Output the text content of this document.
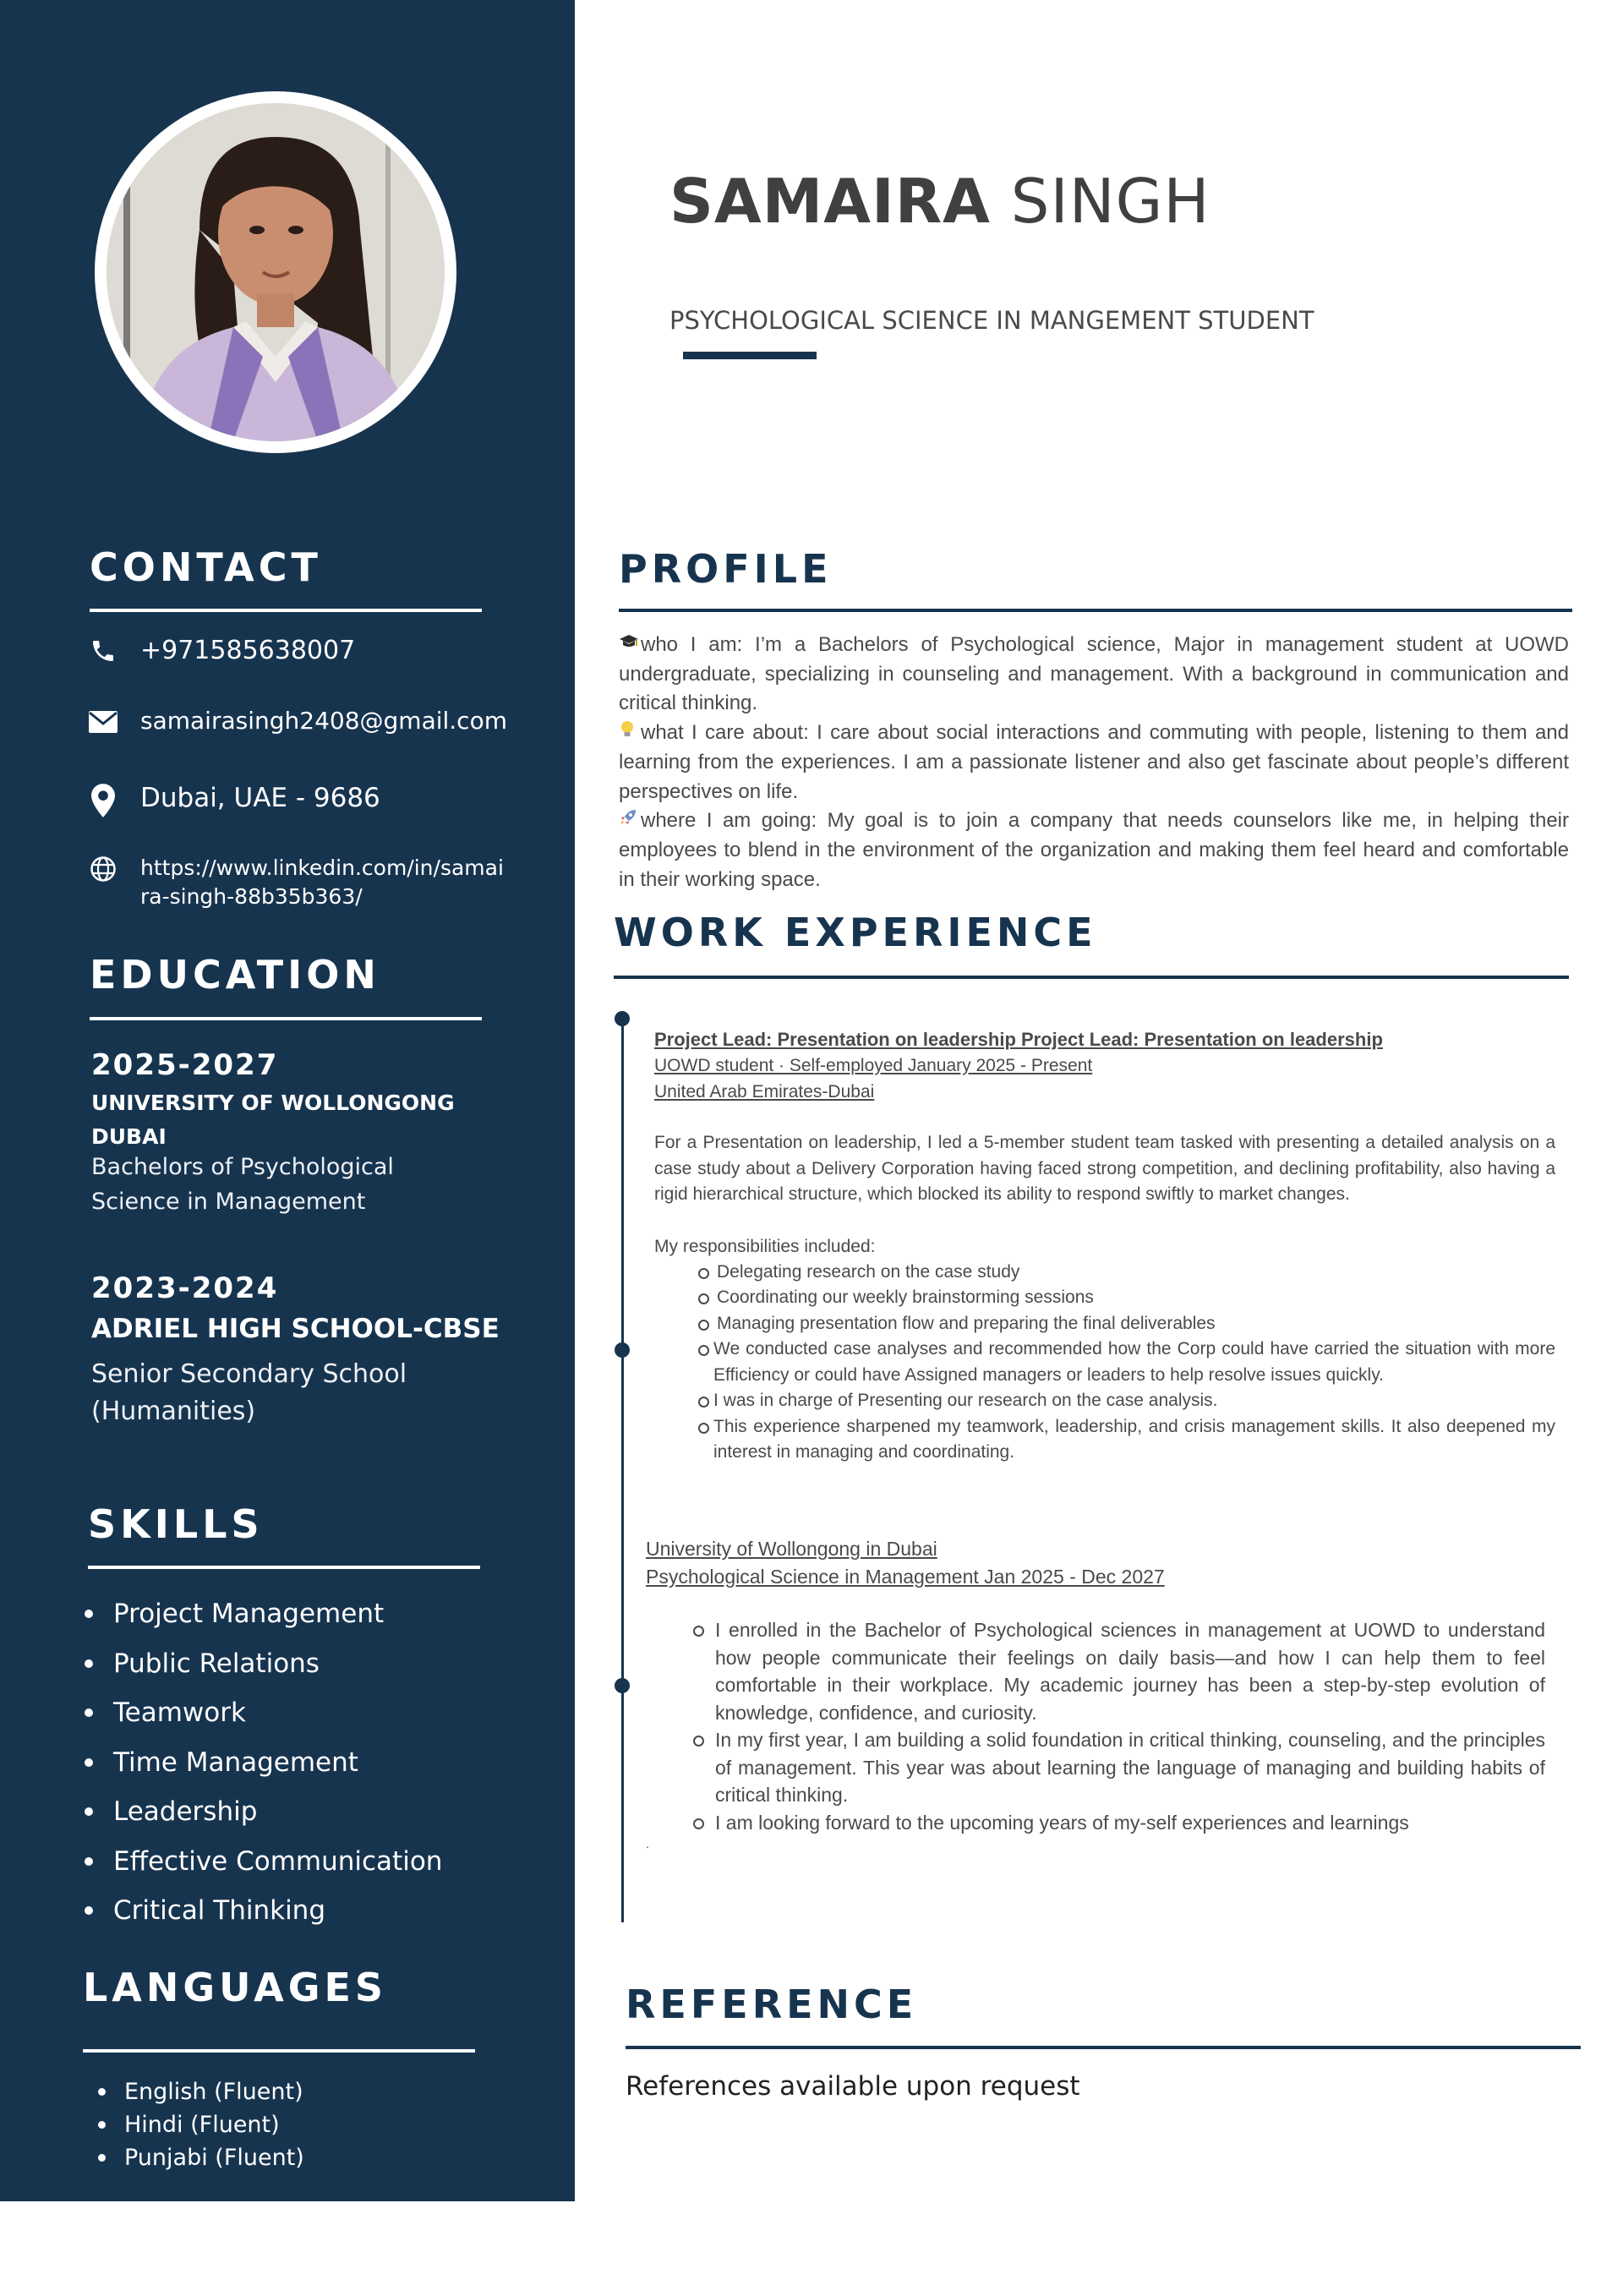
CONTACT
+971585638007
samairasingh2408@gmail.com
Dubai, UAE - 9686
https://www.linkedin.com/in/samaira-singh-88b35b363/
EDUCATION
2025-2027
UNIVERSITY OF WOLLONGONG
DUBAI
Bachelors of Psychological
Science in Management
2023-2024
ADRIEL HIGH SCHOOL-CBSE
Senior Secondary School
(Humanities)
SKILLS
Project Management
Public Relations
Teamwork
Time Management
Leadership
Effective Communication
Critical Thinking
LANGUAGES
English (Fluent)
Hindi (Fluent)
Punjabi (Fluent)
SAMAIRA SINGH
PSYCHOLOGICAL SCIENCE IN MANGEMENT STUDENT
PROFILE

who I am: I’m a Bachelors of Psychological science, Major in management student at UOWD undergraduate, specializing in counseling and management. With a background in communication and critical thinking.

what I care about: I care about social interactions and commuting with people, listening to them and learning from the experiences. I am a passionate listener and also get fascinate about people’s different perspectives on life.

where I am going: My goal is to join a company that needs counselors like me, in helping their employees to blend in the environment of the organization and making them feel heard and comfortable in their working space.

WORK EXPERIENCE
Project Lead: Presentation on leadership Project Lead: Presentation on leadership
UOWD student · Self-employed January 2025 - Present
United Arab Emirates-Dubai
For a Presentation on leadership, I led a 5-member student team tasked with presenting a detailed analysis on a case study about a Delivery Corporation having faced strong competition, and declining profitability, also having a rigid hierarchical structure, which blocked its ability to respond swiftly to market changes.
My responsibilities included:
Delegating research on the case study
Coordinating our weekly brainstorming sessions
Managing presentation flow and preparing the final deliverables
We conducted case analyses and recommended how the Corp could have carried the situation with more Efficiency or could have Assigned managers or leaders to help resolve issues quickly.
I was in charge of Presenting our research on the case analysis.
This experience sharpened my teamwork, leadership, and crisis management skills. It also deepened my interest in managing and coordinating.
University of Wollongong in Dubai
Psychological Science in Management Jan 2025 - Dec 2027
I enrolled in the Bachelor of Psychological sciences in management at UOWD to understand how people communicate their feelings on daily basis—and how I can help them to feel comfortable in their workplace. My academic journey has been a step-by-step evolution of knowledge, confidence, and curiosity.
In my first year, I am building a solid foundation in critical thinking, counseling, and the principles of management. This year was about learning the language of managing and building habits of critical thinking.
I am looking forward to the upcoming years of my-self experiences and learnings
.
REFERENCE
References available upon request
